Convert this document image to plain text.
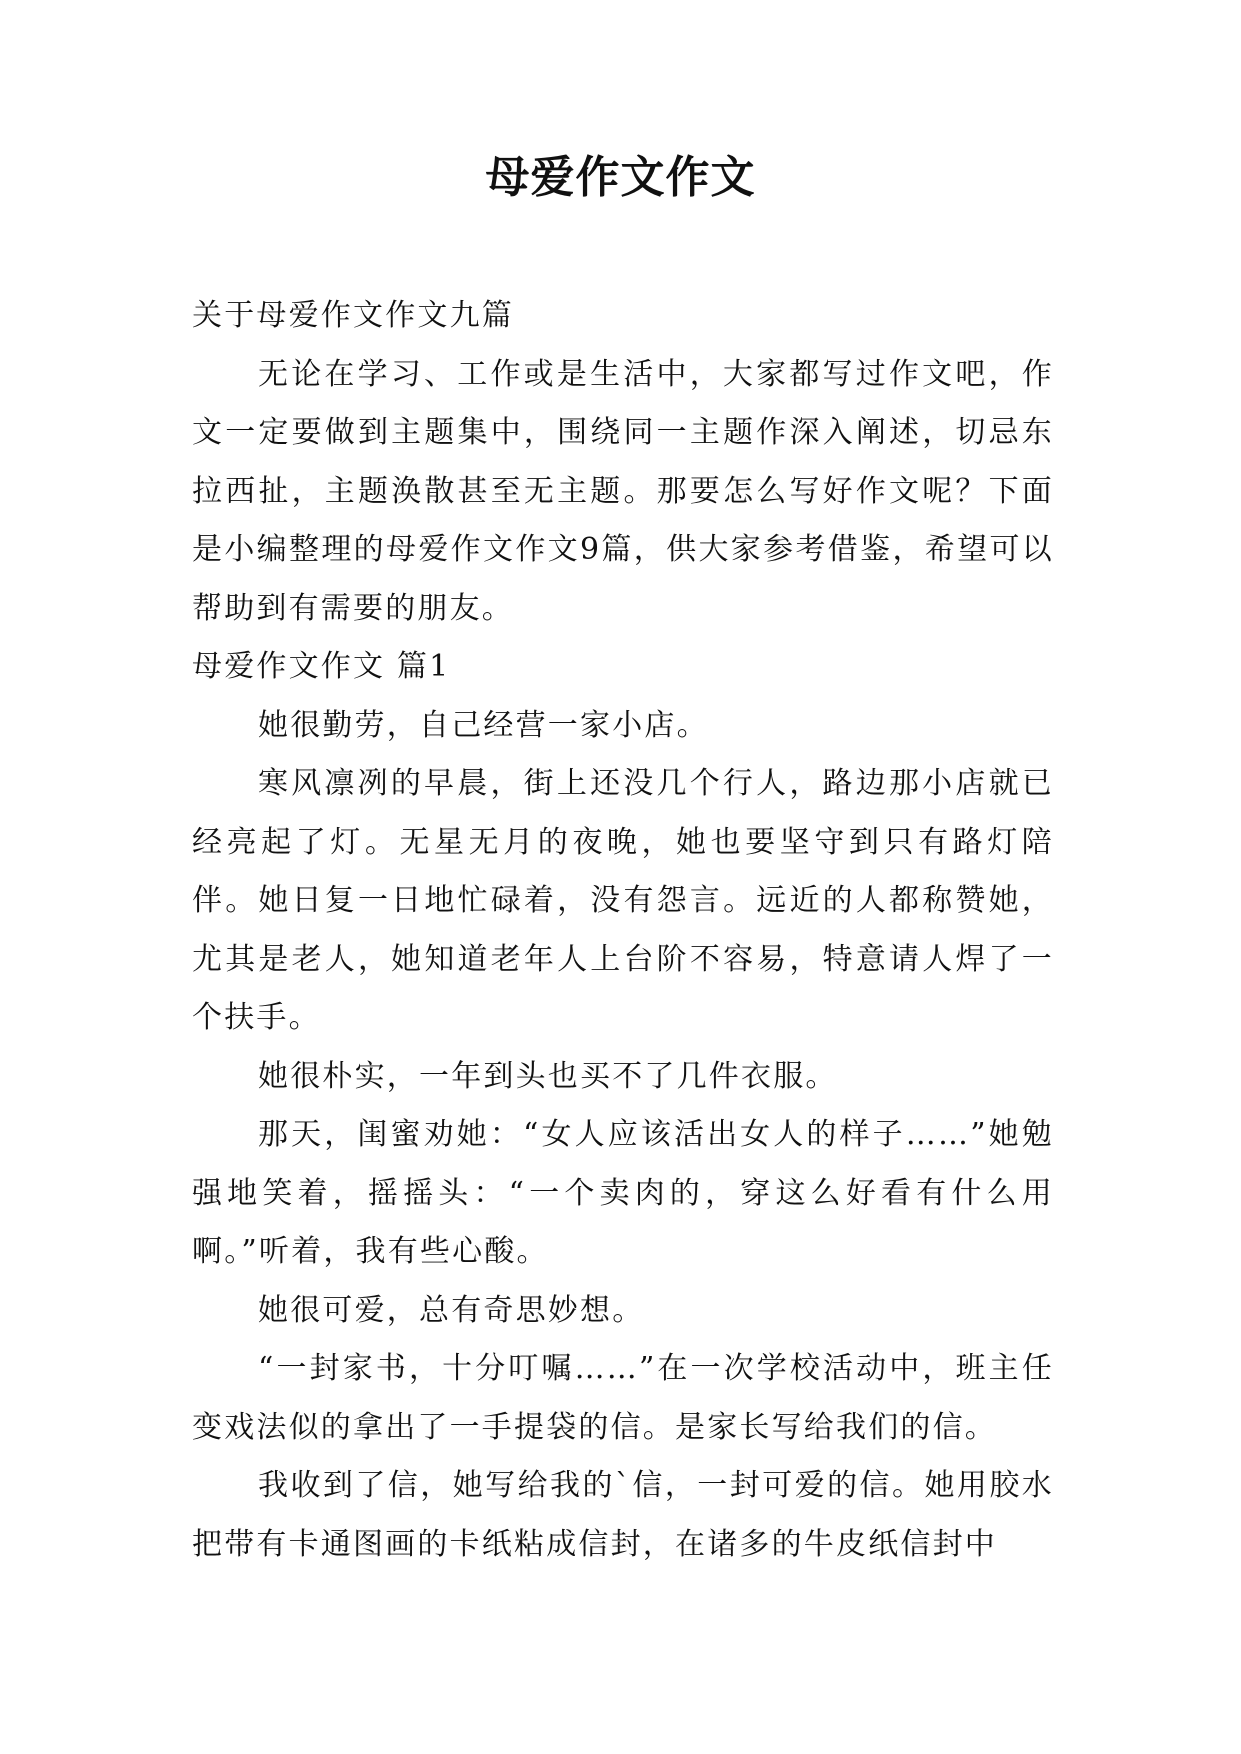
母爱作文作文

关于母爱作文作文九篇

无论在学习、工作或是生活中，大家都写过作文吧，作文一定要做到主题集中，围绕同一主题作深入阐述，切忌东拉西扯，主题涣散甚至无主题。那要怎么写好作文呢？下面是小编整理的母爱作文作文9篇，供大家参考借鉴，希望可以帮助到有需要的朋友。

母爱作文作文 篇1

她很勤劳，自己经营一家小店。

寒风凛冽的早晨，街上还没几个行人，路边那小店就已经亮起了灯。无星无月的夜晚，她也要坚守到只有路灯陪伴。她日复一日地忙碌着，没有怨言。远近的人都称赞她，尤其是老人，她知道老年人上台阶不容易，特意请人焊了一个扶手。

她很朴实，一年到头也买不了几件衣服。

那天，闺蜜劝她：“女人应该活出女人的样子……”她勉强地笑着，摇摇头：“一个卖肉的，穿这么好看有什么用啊。”听着，我有些心酸。

她很可爱，总有奇思妙想。

“一封家书，十分叮嘱……”在一次学校活动中，班主任变戏法似的拿出了一手提袋的信。是家长写给我们的信。

我收到了信，她写给我的`信，一封可爱的信。她用胶水把带有卡通图画的卡纸粘成信封，在诸多的牛皮纸信封中
